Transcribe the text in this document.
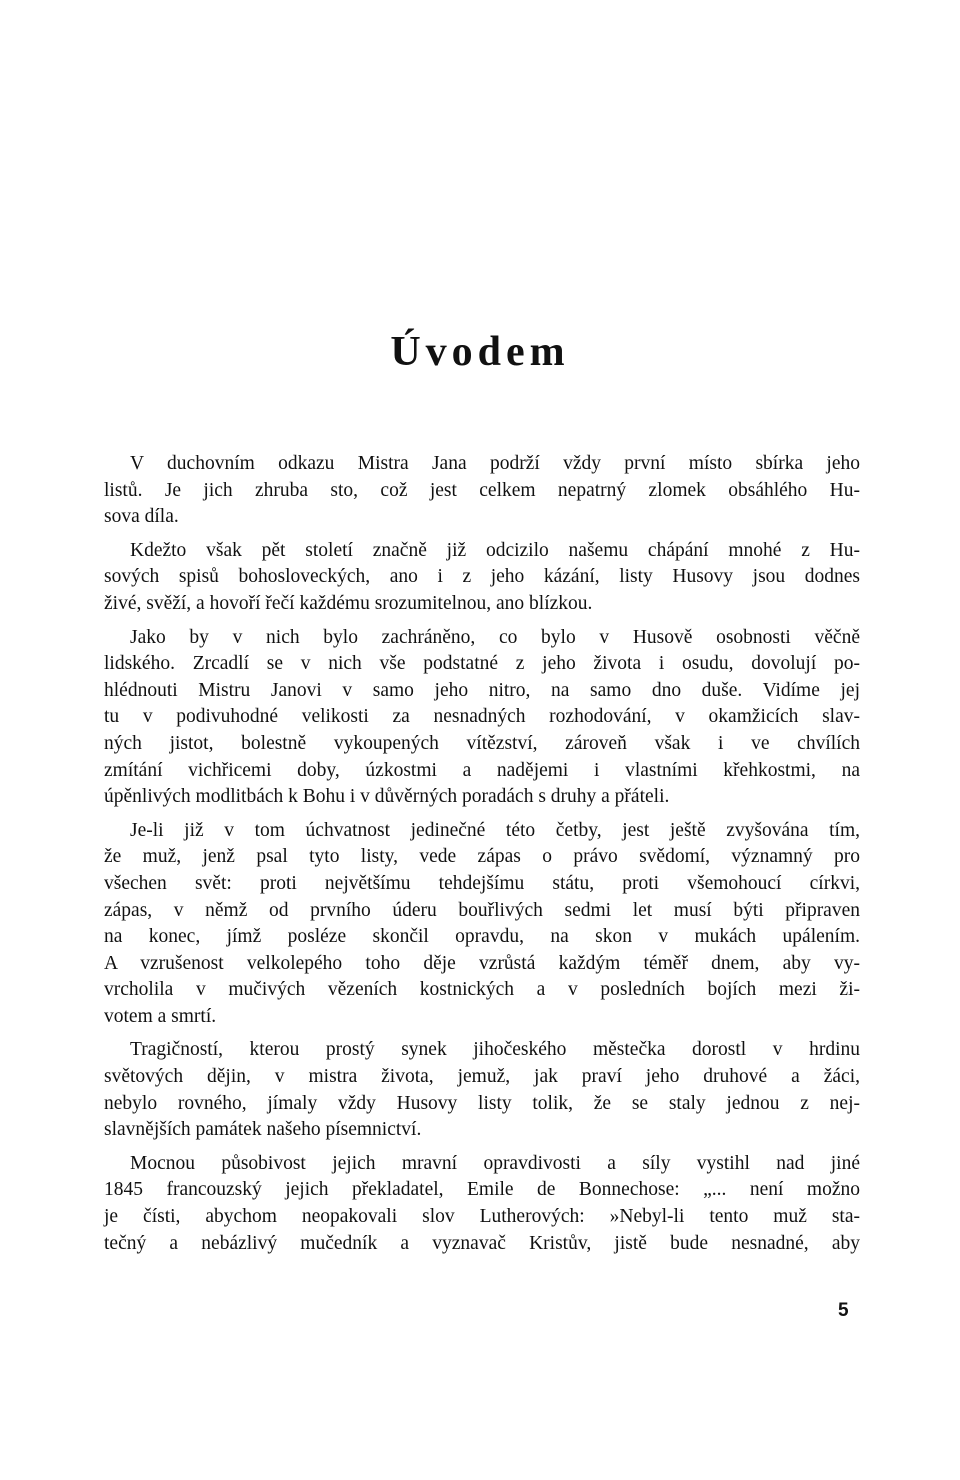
Úvodem

V duchovním odkazu Mistra Jana podrží vždy první místo sbírka jeho
listů. Je jich zhruba sto, což jest celkem nepatrný zlomek obsáhlého Hu-
sova díla.

Kdežto však pět století značně již odcizilo našemu chápání mnohé z Hu-
sových spisů bohosloveckých, ano i z jeho kázání, listy Husovy jsou dodnes
živé, svěží, a hovoří řečí každému srozumitelnou, ano blízkou.

Jako by v nich bylo zachráněno, co bylo v Husově osobnosti věčně
lidského. Zrcadlí se v nich vše podstatné z jeho života i osudu, dovolují po-
hlédnouti Mistru Janovi v samo jeho nitro, na samo dno duše. Vidíme jej
tu v podivuhodné velikosti za nesnadných rozhodování, v okamžicích slav-
ných jistot, bolestně vykoupených vítězství, zároveň však i ve chvílích
zmítání vichřicemi doby, úzkostmi a nadějemi i vlastními křehkostmi, na
úpěnlivých modlitbách k Bohu i v důvěrných poradách s druhy a přáteli.

Je-li již v tom úchvatnost jedinečné této četby, jest ještě zvyšována tím,
že muž, jenž psal tyto listy, vede zápas o právo svědomí, významný pro
všechen svět: proti největšímu tehdejšímu státu, proti všemohoucí církvi,
zápas, v němž od prvního úderu bouřlivých sedmi let musí býti připraven
na konec, jímž posléze skončil opravdu, na skon v mukách upálením.
A vzrušenost velkolepého toho děje vzrůstá každým téměř dnem, aby vy-
vrcholila v mučivých vězeních kostnických a v posledních bojích mezi ži-
votem a smrtí.

Tragičností, kterou prostý synek jihočeského městečka dorostl v hrdinu
světových dějin, v mistra života, jemuž, jak praví jeho druhové a žáci,
nebylo rovného, jímaly vždy Husovy listy tolik, že se staly jednou z nej-
slavnějších památek našeho písemnictví.

Mocnou působivost jejich mravní opravdivosti a síly vystihl nad jiné
1845 francouzský jejich překladatel, Emile de Bonnechose: „... není možno
je čísti, abychom neopakovali slov Lutherových: »Nebyl-li tento muž sta-
tečný a nebázlivý mučedník a vyznavač Kristův, jistě bude nesnadné, aby

5
